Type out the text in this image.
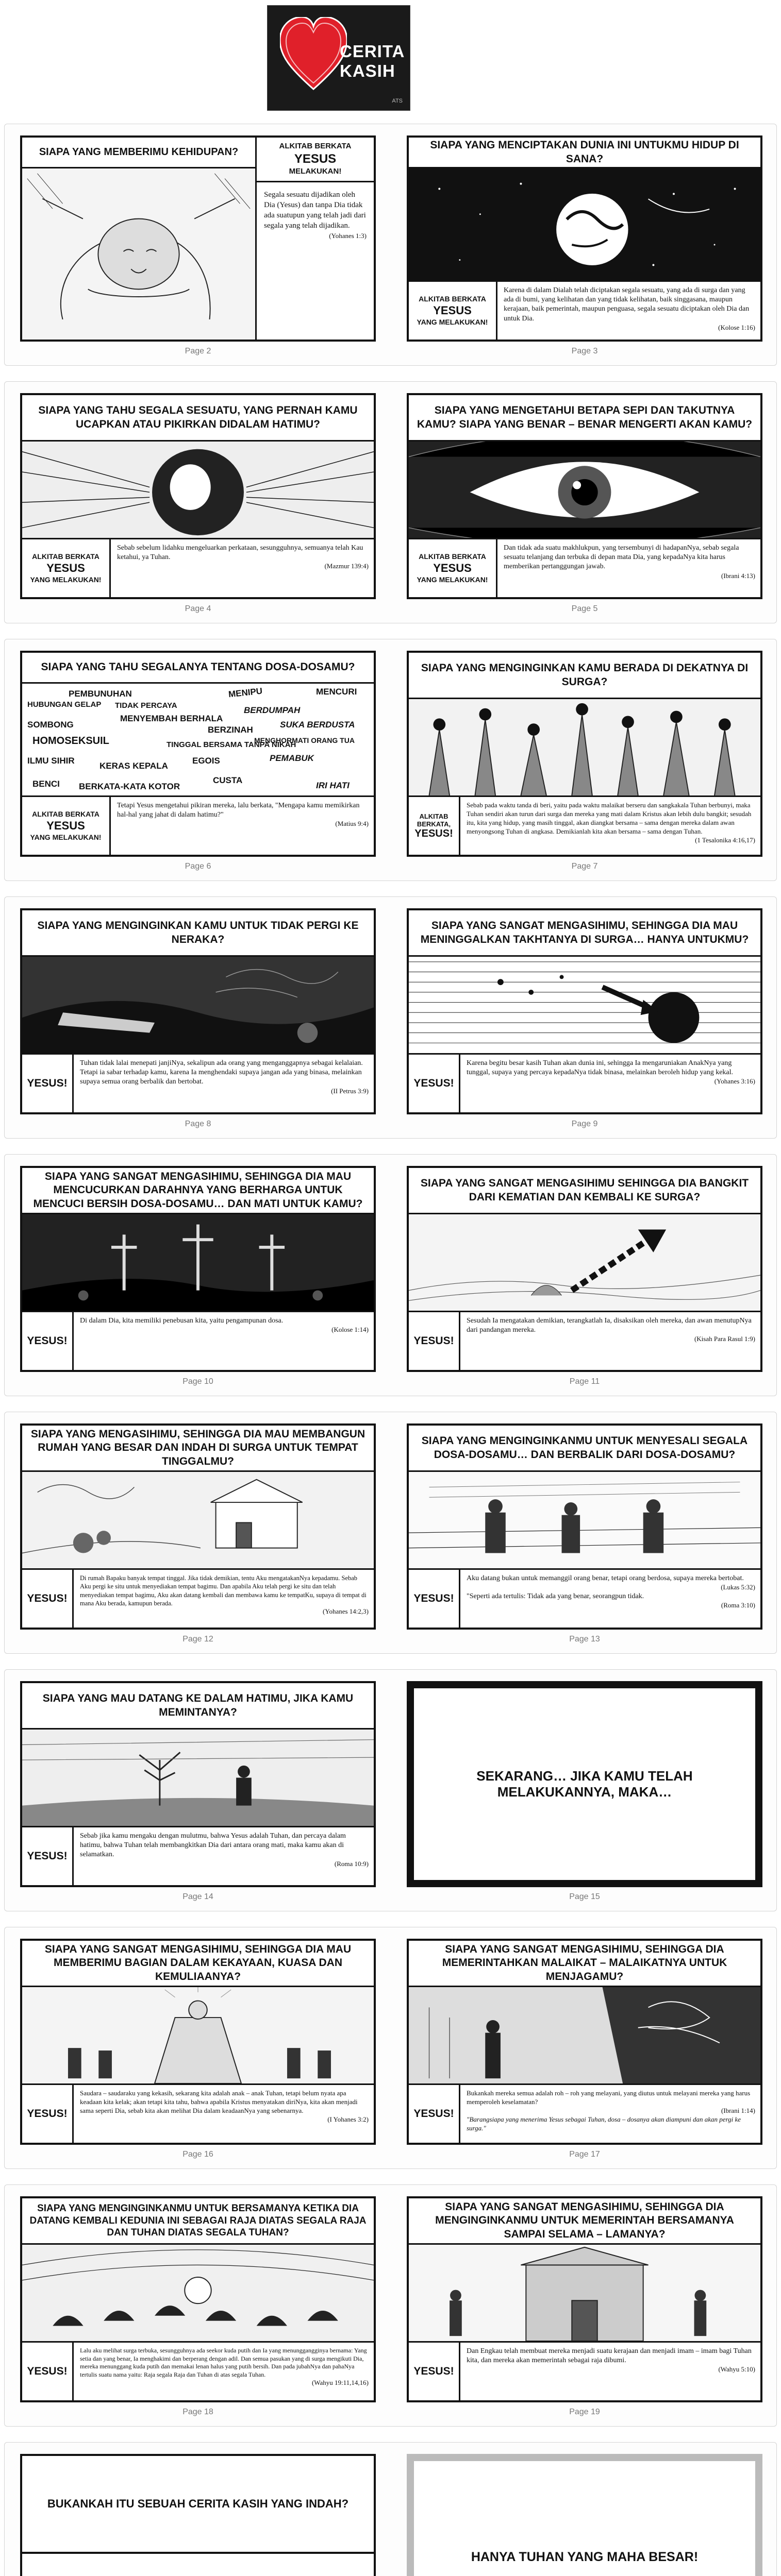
CERITA
KASIH
ATS
SIAPA YANG MEMBERIMU KEHIDUPAN?
ALKITAB BERKATA
YESUS
MELAKUKAN!
Segala sesuatu dijadikan oleh Dia (Yesus) dan tanpa Dia tidak ada suatupun yang telah jadi dari segala yang telah dijadikan.
(Yohanes 1:3)
Page 2
SIAPA YANG MENCIPTAKAN DUNIA INI UNTUKMU HIDUP DI SANA?
ALKITAB BERKATA
YESUS
YANG MELAKUKAN!
Karena di dalam Dialah telah diciptakan segala sesuatu, yang ada di surga dan yang ada di bumi, yang kelihatan dan yang tidak kelihatan, baik singgasana, maupun kerajaan, baik pemerintah, maupun penguasa, segala sesuatu diciptakan oleh Dia dan untuk Dia.
(Kolose 1:16)
Page 3
SIAPA YANG TAHU SEGALA SESUATU, YANG PERNAH KAMU UCAPKAN ATAU PIKIRKAN DIDALAM HATIMU?
ALKITAB BERKATA
YESUS
YANG MELAKUKAN!
Sebab sebelum lidahku mengeluarkan perkataan, sesungguhnya, semuanya telah Kau ketahui, ya Tuhan.
(Mazmur 139:4)
Page 4
SIAPA YANG MENGETAHUI BETAPA SEPI DAN TAKUTNYA KAMU? SIAPA YANG BENAR – BENAR MENGERTI AKAN KAMU?
ALKITAB BERKATA
YESUS
YANG MELAKUKAN!
Dan tidak ada suatu makhlukpun, yang tersembunyi di hadapanNya, sebab segala sesuatu telanjang dan terbuka di depan mata Dia, yang kepadaNya kita harus memberikan pertanggungan jawab.
(Ibrani 4:13)
Page 5
SIAPA YANG TAHU SEGALANYA TENTANG DOSA-DOSAMU?
PEMBUNUHAN
HUBUNGAN GELAP TIDAK PERCAYA
MENYEMBAH BERHALA
MENIPU	MENCURI
SUKA BERDUSTA
SOMBONG
HOMOSEKSUIL	TINGGAL BERSAMA TANPA NIKAH
ILMU SIHIR
KERAS KEPALA
PEMABUK
BENCI BERKATA-KATA KOTOR	IRI HATI
EGOIS
BERZINAH
CUSTA
BERDUMPAH
MENGHORMATI ORANG TUA
ALKITAB BERKATA
YESUS
YANG MELAKUKAN!
Tetapi Yesus mengetahui pikiran mereka, lalu berkata, "Mengapa kamu memikirkan hal-hal yang jahat di dalam hatimu?"
(Matius 9:4)
Page 6
SIAPA YANG MENGINGINKAN KAMU BERADA DI DEKATNYA DI SURGA?
ALKITAB BERKATA,
YESUS!
Sebab pada waktu tanda di beri, yaitu pada waktu malaikat berseru dan sangkakala Tuhan berbunyi, maka Tuhan sendiri akan turun dari surga dan mereka yang mati dalam Kristus akan lebih dulu bangkit; sesudah itu, kita yang hidup, yang masih tinggal, akan diangkat bersama – sama dengan mereka dalam awan menyongsong Tuhan di angkasa. Demikianlah kita akan bersama – sama dengan Tuhan.
(1 Tesalonika 4:16,17)
Page 7
SIAPA YANG MENGINGINKAN KAMU UNTUK TIDAK PERGI KE NERAKA?
YESUS!
Tuhan tidak lalai menepati janjiNya, sekalipun ada orang yang menganggapnya sebagai kelalaian. Tetapi ia sabar terhadap kamu, karena Ia menghendaki supaya jangan ada yang binasa, melainkan supaya semua orang berbalik dan bertobat.
(II Petrus 3:9)
Page 8
SIAPA YANG SANGAT MENGASIHIMU, SEHINGGA DIA MAU MENINGGALKAN TAKHTANYA DI SURGA… HANYA UNTUKMU?
YESUS!
Karena begitu besar kasih Tuhan akan dunia ini, sehingga Ia mengaruniakan AnakNya yang tunggal, supaya yang percaya kepadaNya tidak binasa, melainkan beroleh hidup yang kekal.
(Yohanes 3:16)
Page 9
SIAPA YANG SANGAT MENGASIHIMU, SEHINGGA DIA MAU MENCUCURKAN DARAHNYA YANG BERHARGA UNTUK MENCUCI BERSIH DOSA-DOSAMU… DAN MATI UNTUK KAMU?
YESUS!
Di dalam Dia, kita memiliki penebusan kita, yaitu pengampunan dosa.
(Kolose 1:14)
Page 10
SIAPA YANG SANGAT MENGASIHIMU SEHINGGA DIA BANGKIT DARI KEMATIAN DAN KEMBALI KE SURGA?
YESUS!
Sesudah Ia mengatakan demikian, terangkatlah Ia, disaksikan oleh mereka, dan awan menutupNya dari pandangan mereka.
(Kisah Para Rasul 1:9)
Page 11
SIAPA YANG MENGASIHIMU, SEHINGGA DIA MAU MEMBANGUN RUMAH YANG BESAR DAN INDAH DI SURGA UNTUK TEMPAT TINGGALMU?
YESUS!
Di rumah Bapaku banyak tempat tinggal. Jika tidak demikian, tentu Aku mengatakanNya kepadamu. Sebab Aku pergi ke situ untuk menyediakan tempat bagimu. Dan apabila Aku telah pergi ke situ dan telah menyediakan tempat bagimu, Aku akan datang kembali dan membawa kamu ke tempatKu, supaya di tempat di mana Aku berada, kamupun berada.
(Yohanes 14:2,3)
Page 12
SIAPA YANG MENGINGINKANMU UNTUK MENYESALI SEGALA DOSA-DOSAMU… DAN BERBALIK DARI DOSA-DOSAMU?
YESUS!
Aku datang bukan untuk memanggil orang benar, tetapi orang berdosa, supaya mereka bertobat.
(Lukas 5:32)
"Seperti ada tertulis: Tidak ada yang benar, seorangpun tidak.
(Roma 3:10)
Page 13
SIAPA YANG MAU DATANG KE DALAM HATIMU, JIKA KAMU MEMINTANYA?
YESUS!
Sebab jika kamu mengaku dengan mulutmu, bahwa Yesus adalah Tuhan, dan percaya dalam hatimu, bahwa Tuhan telah membangkitkan Dia dari antara orang mati, maka kamu akan di selamatkan.
(Roma 10:9)
Page 14
SEKARANG… JIKA KAMU TELAH MELAKUKANNYA, MAKA…
Page 15
SIAPA YANG SANGAT MENGASIHIMU, SEHINGGA DIA MAU MEMBERIMU BAGIAN DALAM KEKAYAAN, KUASA DAN KEMULIAANYA?
YESUS!
Saudara – saudaraku yang kekasih, sekarang kita adalah anak – anak Tuhan, tetapi belum nyata apa keadaan kita kelak; akan tetapi kita tahu, bahwa apabila Kristus menyatakan diriNya, kita akan menjadi sama seperti Dia, sebab kita akan melihat Dia dalam keadaanNya yang sebenarnya.
(I Yohanes 3:2)
Page 16
SIAPA YANG SANGAT MENGASIHIMU, SEHINGGA DIA MEMERINTAHKAN MALAIKAT – MALAIKATNYA UNTUK MENJAGAMU?
YESUS!
Bukankah mereka semua adalah roh – roh yang melayani, yang diutus untuk melayani mereka yang harus memperoleh keselamatan?
(Ibrani 1:14)
"Barangsiapa yang menerima Yesus sebagai Tuhan, dosa – dosanya akan diampuni dan akan pergi ke surga."
Page 17
SIAPA YANG MENGINGINKANMU UNTUK BERSAMANYA KETIKA DIA DATANG KEMBALI KEDUNIA INI SEBAGAI RAJA DIATAS SEGALA RAJA DAN TUHAN DIATAS SEGALA TUHAN?
YESUS!
Lalu aku melihat surga terbuka, sesungguhnya ada seekor kuda putih dan Ia yang menunggangginya bernama: Yang setia dan yang benar, Ia menghakimi dan berperang dengan adil. Dan semua pasukan yang di surga mengikuti Dia, mereka menunggang kuda putih dan memakai lenan halus yang putih bersih. Dan pada jubahNya dan pahaNya tertulis suatu nama yaitu: Raja segala Raja dan Tuhan di atas segala Tuhan.
(Wahyu 19:11,14,16)
Page 18
SIAPA YANG SANGAT MENGASIHIMU, SEHINGGA DIA MENGINGINKANMU UNTUK MEMERINTAH BERSAMANYA SAMPAI SELAMA – LAMANYA?
YESUS!
Dan Engkau telah membuat mereka menjadi suatu kerajaan dan menjadi imam – imam bagi Tuhan kita, dan mereka akan memerintah sebagai raja dibumi.
(Wahyu 5:10)
Page 19
BUKANKAH ITU SEBUAH CERITA KASIH YANG INDAH?
HANYA TUHAN YANG MAHA BESAR!
